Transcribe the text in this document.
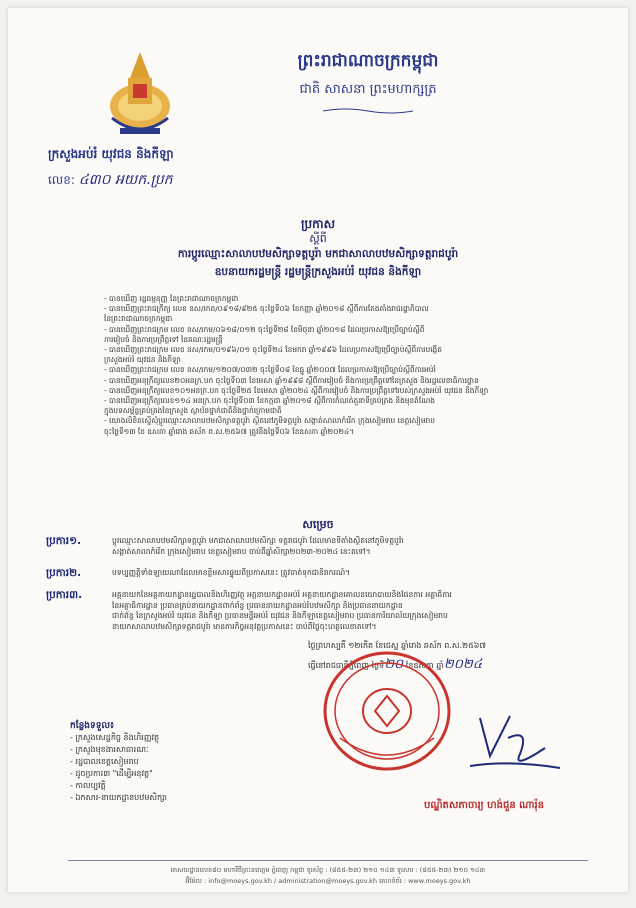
ព្រះរាជាណាចក្រកម្ពុជា
ជាតិ សាសនា ព្រះមហាក្សត្រ
ក្រសួងអប់រំ យុវជន និងកីឡា
លេខ: ៤៣០ អយក.ប្រក
ប្រកាស
ស្ដីពី
ការប្ដូរឈ្មោះសាលាបឋមសិក្សាទត្តបូរ៉ា មកជាសាលាបឋមសិក្សាទត្តរាជបូរ៉ា
ឧបនាយករដ្ឋមន្ត្រី រដ្ឋមន្ត្រីក្រសួងអប់រំ យុវជន និងកីឡា
- បានឃើញ រដ្ឋធម្មនុញ្ញ នៃព្រះរាជាណាចក្រកម្ពុជា
- បានឃើញព្រះរាជក្រឹត្យ លេខ នស/រកត/០៩១៨/៩២៥ ចុះថ្ងៃទី០៦ ខែកញ្ញា ឆ្នាំ២០១៨ ស្ដីពីការតែងតាំងរាជរដ្ឋាភិបាល
នៃព្រះរាជាណាចក្រកម្ពុជា
- បានឃើញព្រះរាជក្រម លេខ នស/រកម/០៦១៨/០១២ ចុះថ្ងៃទី២៨ ខែមិថុនា ឆ្នាំ២០១៨ ដែលប្រកាសឱ្យប្រើច្បាប់ស្ដីពី
ការរៀបចំ និងការប្រព្រឹត្តទៅ នៃគណៈរដ្ឋមន្ត្រី
- បានឃើញព្រះរាជក្រម លេខ នស/រកម/០១៩៦/០១ ចុះថ្ងៃទី២៤ ខែមករា ឆ្នាំ១៩៩៦ ដែលប្រកាសឱ្យប្រើច្បាប់ស្ដីពីការបង្កើត
ក្រសួងអប់រំ យុវជន និងកីឡា
- បានឃើញព្រះរាជក្រម លេខ នស/រកម/១២០៧/០៣២ ចុះថ្ងៃទី០៨ ខែធ្នូ ឆ្នាំ២០០៧ ដែលប្រកាសឱ្យប្រើច្បាប់ស្ដីពីការអប់រំ
- បានឃើញអនុក្រឹត្យលេខ២០អនក្រ.បក ចុះថ្ងៃទី០៣ ខែមេសា ឆ្នាំ១៩៩៨ ស្ដីពីការរៀបចំ និងការប្រព្រឹត្តទៅនៃក្រសួង និងរដ្ឋលេខាធិការដ្ឋាន
- បានឃើញអនុក្រឹត្យលេខ១០១អនក្រ.បក ចុះថ្ងៃទី២៥ ខែមេសា ឆ្នាំ២០២៤ ស្ដីពីការរៀបចំ និងការប្រព្រឹត្តទៅរបស់ក្រសួងអប់រំ យុវជន និងកីឡា
- បានឃើញអនុក្រឹត្យលេខ១១៤ អនក្រ.បក ចុះថ្ងៃទី០៣ ខែកក្កដា ឆ្នាំ២០១៨ ស្ដីពីការកំណត់តួនាទីគ្រប់គ្រង និងមុខតំណែង
ក្នុងបទសម្ព័ន្ធគ្រប់គ្រងនៃក្រសួង ស្ថាប័នថ្នាក់ជាតិនិងថ្នាក់ក្រោមជាតិ
- យោងលិខិតស្នើសុំប្ដូរឈ្មោះសាលាបឋមសិក្សាទត្តបូរ៉ា ស្ថិតនៅភូមិទត្តបូរ៉ា សង្កាត់សាលាកំរើក ក្រុងសៀមរាប ខេត្តសៀមរាប
ចុះថ្ងៃទី១៣ ខែ ឧសភា ឆ្នាំរោង ឆស័ក ព.ស.២៥៦៧ ត្រូវនឹងថ្ងៃទី០៦ ខែឧសភា ឆ្នាំ២០២៤។
សម្រេច
ប្រការ១.	ប្ដូរឈ្មោះសាលាបឋមសិក្សាទត្តបូរ៉ា មកជាសាលាបឋមសិក្សា ទត្តរាជបូរ៉ា ដែលមានទីតាំងស្ថិតនៅភូមិទត្តបូរ៉ា
សង្កាត់សាលាកំរើក ក្រុងសៀមរាប ខេត្តសៀមរាប ចាប់ពីឆ្នាំសិក្សា២០២៣-២០២៤ នេះតទៅ។
ប្រការ២.	បទប្បញ្ញត្តិទាំងឡាយណាដែលមានខ្លឹមសារផ្ទុយពីប្រកាសនេះ ត្រូវចាត់ទុកជានិរាករណ៍។
ប្រការ៣.	អគ្គនាយកនៃអគ្គនាយកដ្ឋានរដ្ឋបាលនិងហិរញ្ញវត្ថុ អគ្គនាយកដ្ឋានអប់រំ អគ្គនាយកដ្ឋានគោលនយោបាយនិងផែនការ អគ្គាធិការ
នៃអគ្គាធិការដ្ឋាន ប្រធានគ្រប់នាយកដ្ឋានពាក់ព័ន្ធ ប្រធាននាយកដ្ឋានអប់រំបឋមសិក្សា និងប្រធាននាយកដ្ឋាន
ជាក់ព័ន្ធ នៃក្រសួងអប់រំ យុវជន និងកីឡា ប្រធានមន្ទីរអប់រំ យុវជន និងកីឡាខេត្តសៀមរាប ប្រធានការិយាល័យក្រុងសៀមរាប
នាយកសាលាបឋមសិក្សាទត្តរាជបូរ៉ា មានភារកិច្ចអនុវត្តប្រកាសនេះ ចាប់ពីថ្ងៃចុះហត្ថលេខាតទៅ។
ថ្ងៃព្រហស្បតិ៍ ១២កើត ខែជេស្ឋ ឆ្នាំរោង ឆស័ក ព.ស.២៥៦៧
ធ្វើនៅរាជធានីភ្នំពេញ ថ្ងៃទី២០ ខែឧសភា ឆ្នាំ២០២៤
បណ្ឌិតសភាចារ្យ ហង់ជួន ណារ៉ុន
កន្លែងទទួល៖
- ក្រសួងសេដ្ឋកិច្ច និងហិរញ្ញវត្ថុ
- ក្រសួងមុខងារសាធារណៈ
- រដ្ឋបាលខេត្តសៀមរាប
- ដូចប្រការ៣ "ដើម្បីអនុវត្ត"
- កាលប្បវត្តិ
- ឯកសារ-នាយកដ្ឋានបឋមសិក្សា
អាសយដ្ឋានលេខ៨០ មហាវិថីព្រះនរោត្តម ភ្នំពេញ កម្ពុជា ទូរស័ព្ទ : (៨៥៥-២៣) ២១០ ១៤៣ ទូរសារ : (៨៥៥-២៣) ២១០ ១៤៣
អ៊ីម៉ែល : info@moeys.gov.kh / administration@moeys.gov.kh គេហទំព័រ : www.moeys.gov.kh
